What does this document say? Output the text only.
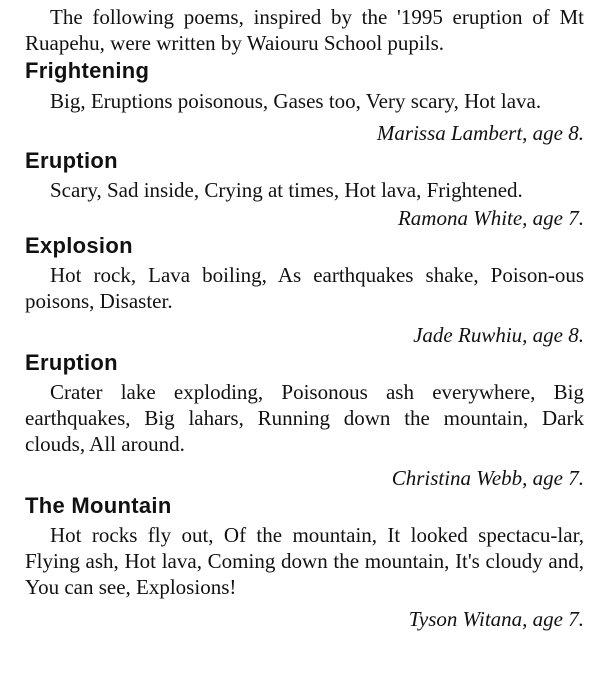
The following poems, inspired by the '1995 eruption of Mt Ruapehu, were written by Waiouru School pupils.

Frightening

Big, Eruptions poisonous, Gases too, Very scary, Hot lava.

Marissa Lambert, age 8.

Eruption

Scary, Sad inside, Crying at times, Hot lava, Frightened.

Ramona White, age 7.

Explosion

Hot rock, Lava boiling, As earthquakes shake, Poison-ous poisons, Disaster.

Jade Ruwhiu, age 8.

Eruption

Crater lake exploding, Poisonous ash everywhere, Big earthquakes, Big lahars, Running down the mountain, Dark clouds, All around.

Christina Webb, age 7.

The Mountain

Hot rocks fly out, Of the mountain, It looked spectacu-lar, Flying ash, Hot lava, Coming down the mountain, It's cloudy and, You can see, Explosions!

Tyson Witana, age 7.
